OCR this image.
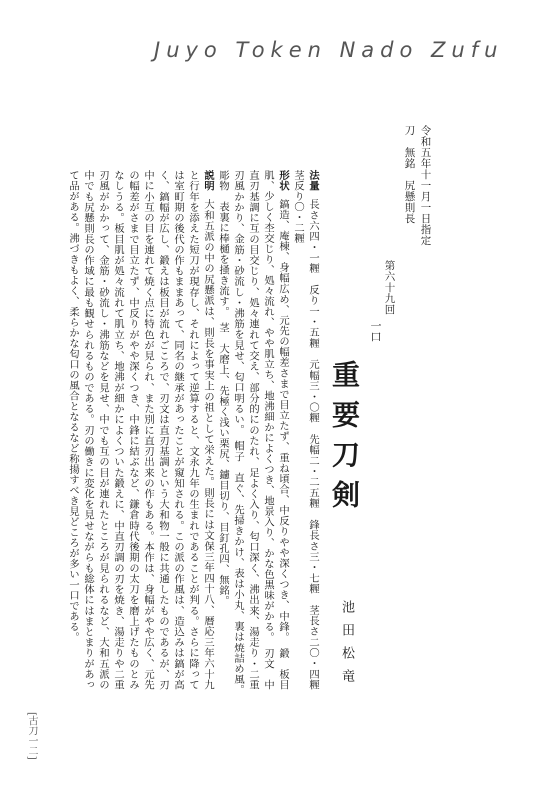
Juyo Token Nado Zufu
令和五年十一月一日指定
刀　無銘　尻懸則長
第六十九回
一口
重要刀剣
池田松竜

法量 長さ六四・一糎　反り一・五糎　元幅三・〇糎　先幅二・二五糎　鋒長さ三・七糎　茎長さ二〇・四糎　茎反り〇・二糎

形状 鎬造、庵棟、身幅広め、元先の幅差さまで目立たず、重ね頃合、中反りやや深くつき、中鋒。　鍛　板目肌、少しく杢交じり、処々流れ、やや肌立ち、地沸細かによくつき、地景入り、かな色黒味がかる。　刃文　中直刃基調に互の目交じり、処々連れて交え、部分的にのたれ、足よく入り、匂口深く、沸出来、湯走り・二重刃風かかり、金筋・砂流し・沸筋を見せ、匂口明るい。　帽子　直ぐ、先掃きかけ、表は小丸、裏は焼詰め風。　彫物　表裏に棒樋を掻き流す。　茎　大磨上、先極く浅い栗尻、鑢目切り、目釘孔四、無銘。

説明 大和五派の中の尻懸派は、則長を事実上の祖として栄えた。則長には文保三年四十八、暦応三年六十九と行年を添えた短刀が現存し、それによって逆算すると、文永九年の生まれであることが判る。さらに降っては室町期の後代の作もままあって、同名の継承があったことが窺知される。この派の作風は、造込みは鎬が高く、鎬幅が広し、鍛えは板目が流れごころで、刃文は直刃基調という大和物一般に共通したものであるが、刃中に小互の目を連れて焼く点に特色が見られ、また別に直刃出来の作もある。本作は、身幅がやや広く、元先の幅差がさまで目立たず、中反りがやや深くつき、中鋒に結ぶなど、鎌倉時代後期の太刀を磨上げたものとみなしうる。板目肌が処々流れて肌立ち、地沸が細かによくついた鍛えに、中直刃調の刃を焼き、湯走りや二重刃風がかかって、金筋・砂流し・沸筋などを見せ、中でも互の目が連れたところが見られるなど、大和五派の中でも尻懸則長の作域に最も観せられるものである。刃の働きに変化を見せながらも総体にはまとまりがあって品がある。沸づきもよく、柔らかな匂口の風合となるなど称揚すべき見どころが多い一口である。

[古刀一二]
